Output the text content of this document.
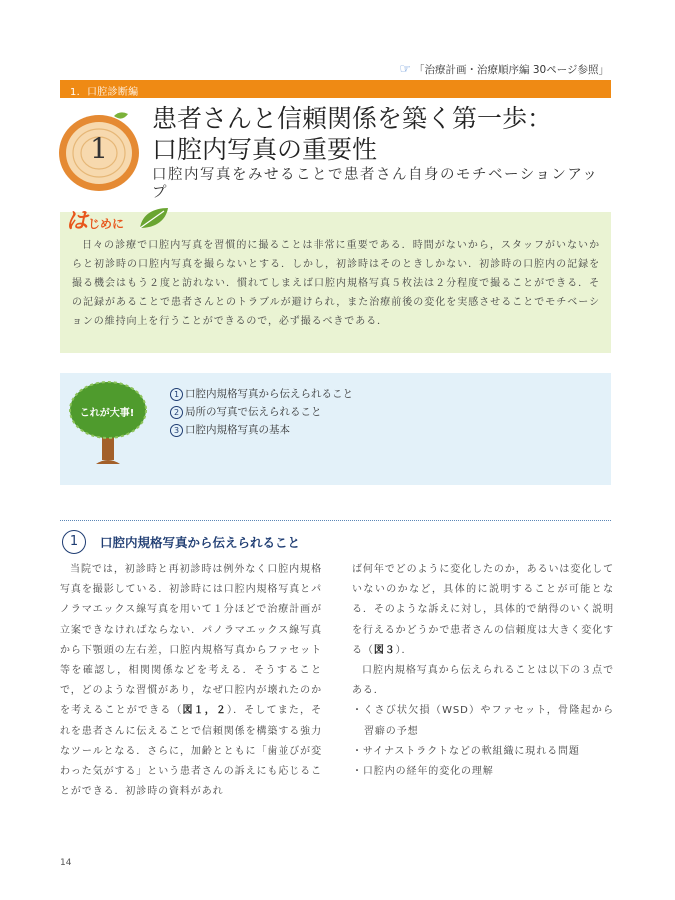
☞ 「治療計画・治療順序編 30ページ参照」
1．口腔診断編
1
患者さんと信頼関係を築く第一歩：
口腔内写真の重要性
口腔内写真をみせることで患者さん自身のモチベーションアップ
は じめに
日々の診療で口腔内写真を習慣的に撮ることは非常に重要である．時間がないから，スタッフがいないからと初診時の口腔内写真を撮らないとする．しかし，初診時はそのときしかない．初診時の口腔内の記録を撮る機会はもう２度と訪れない．慣れてしまえば口腔内規格写真５枚法は２分程度で撮ることができる．その記録があることで患者さんとのトラブルが避けられ，また治療前後の変化を実感させることでモチベーションの維持向上を行うことができるので，必ず撮るべきである．
これが大事!
1 口腔内規格写真から伝えられること
2 局所の写真で伝えられること
3 口腔内規格写真の基本
1	口腔内規格写真から伝えられること

当院では，初診時と再初診時は例外なく口腔内規格写真を撮影している．初診時には口腔内規格写真とパノラマエックス線写真を用いて１分ほどで治療計画が立案できなければならない．パノラマエックス線写真から下顎頭の左右差，口腔内規格写真からファセット等を確認し，相関関係などを考える．そうすることで，どのような習慣があり，なぜ口腔内が壊れたのかを考えることができる（図１，２）．そしてまた，それを患者さんに伝えることで信頼関係を構築する強力なツールとなる．さらに，加齢とともに「歯並びが変わった気がする」という患者さんの訴えにも応じることができる．初診時の資料があれ

ば何年でどのように変化したのか，あるいは変化していないのかなど，具体的に説明することが可能となる．そのような訴えに対し，具体的で納得のいく説明を行えるかどうかで患者さんの信頼度は大きく変化する（図３）．

口腔内規格写真から伝えられることは以下の３点である．

・くさび状欠損（WSD）やファセット，骨隆起から習癖の予想

・サイナストラクトなどの軟組織に現れる問題

・口腔内の経年的変化の理解

14
